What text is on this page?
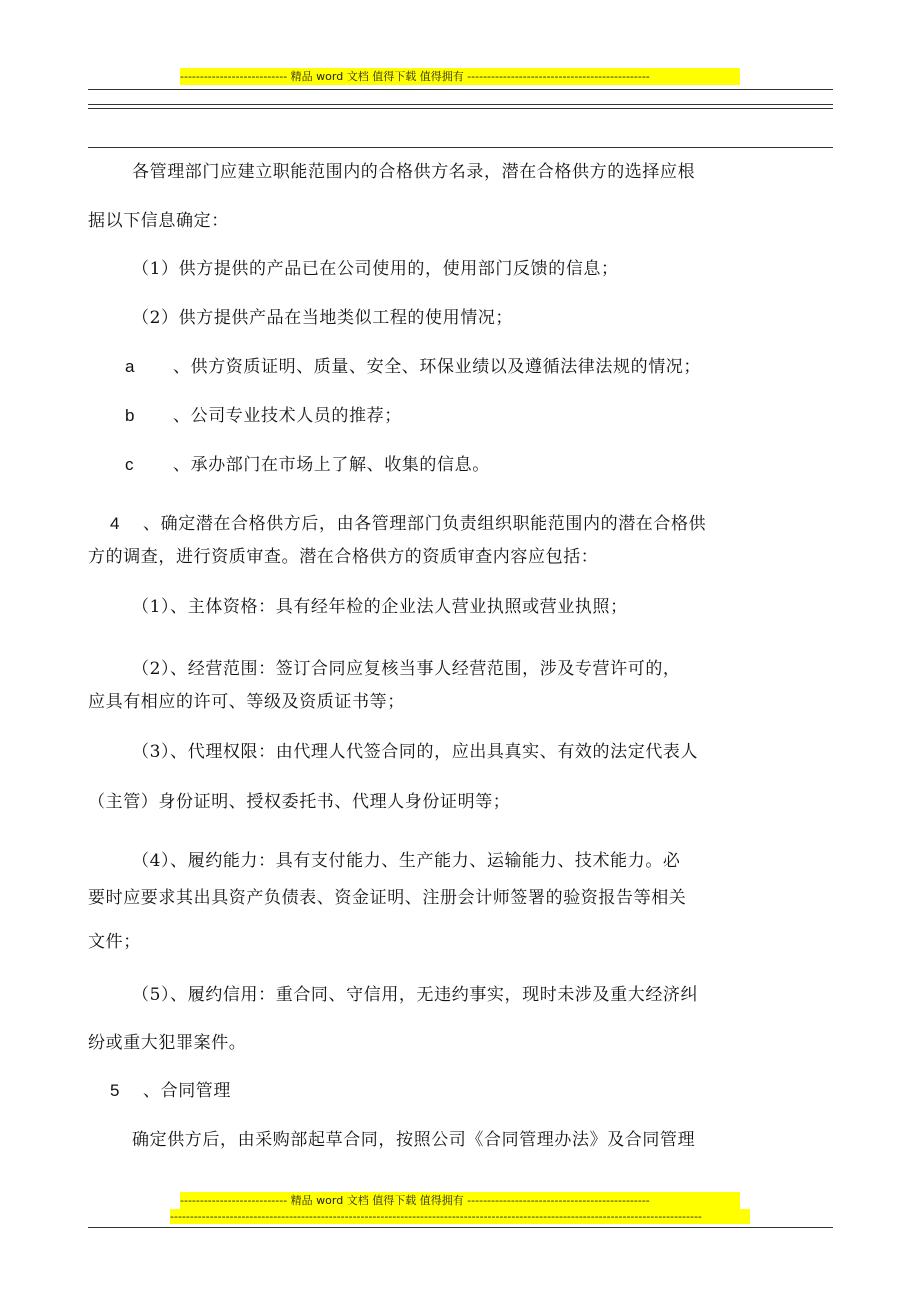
--------------------------- 精品 word 文档 值得下载 值得拥有 ----------------------------------------------
各管理部门应建立职能范围内的合格供方名录，潜在合格供方的选择应根
据以下信息确定：
（1）供方提供的产品已在公司使用的，使用部门反馈的信息；
（2）供方提供产品在当地类似工程的使用情况；
a 、供方资质证明、质量、安全、环保业绩以及遵循法律法规的情况；
b 、公司专业技术人员的推荐；
c 、承办部门在市场上了解、收集的信息。
4 、确定潜在合格供方后，由各管理部门负责组织职能范围内的潜在合格供
方的调查，进行资质审查。潜在合格供方的资质审查内容应包括：
（1）、主体资格：具有经年检的企业法人营业执照或营业执照；
（2）、经营范围：签订合同应复核当事人经营范围，涉及专营许可的，
应具有相应的许可、等级及资质证书等；
（3）、代理权限：由代理人代签合同的，应出具真实、有效的法定代表人
（主管）身份证明、授权委托书、代理人身份证明等；
（4）、履约能力：具有支付能力、生产能力、运输能力、技术能力。必
要时应要求其出具资产负债表、资金证明、注册会计师签署的验资报告等相关
文件；
（5）、履约信用：重合同、守信用，无违约事实，现时未涉及重大经济纠
纷或重大犯罪案件。
5 、合同管理
确定供方后，由采购部起草合同，按照公司《合同管理办法》及合同管理
--------------------------- 精品 word 文档 值得下载 值得拥有 ----------------------------------------------
--------------------------------------------------------------------------------------------------------------------------------------
